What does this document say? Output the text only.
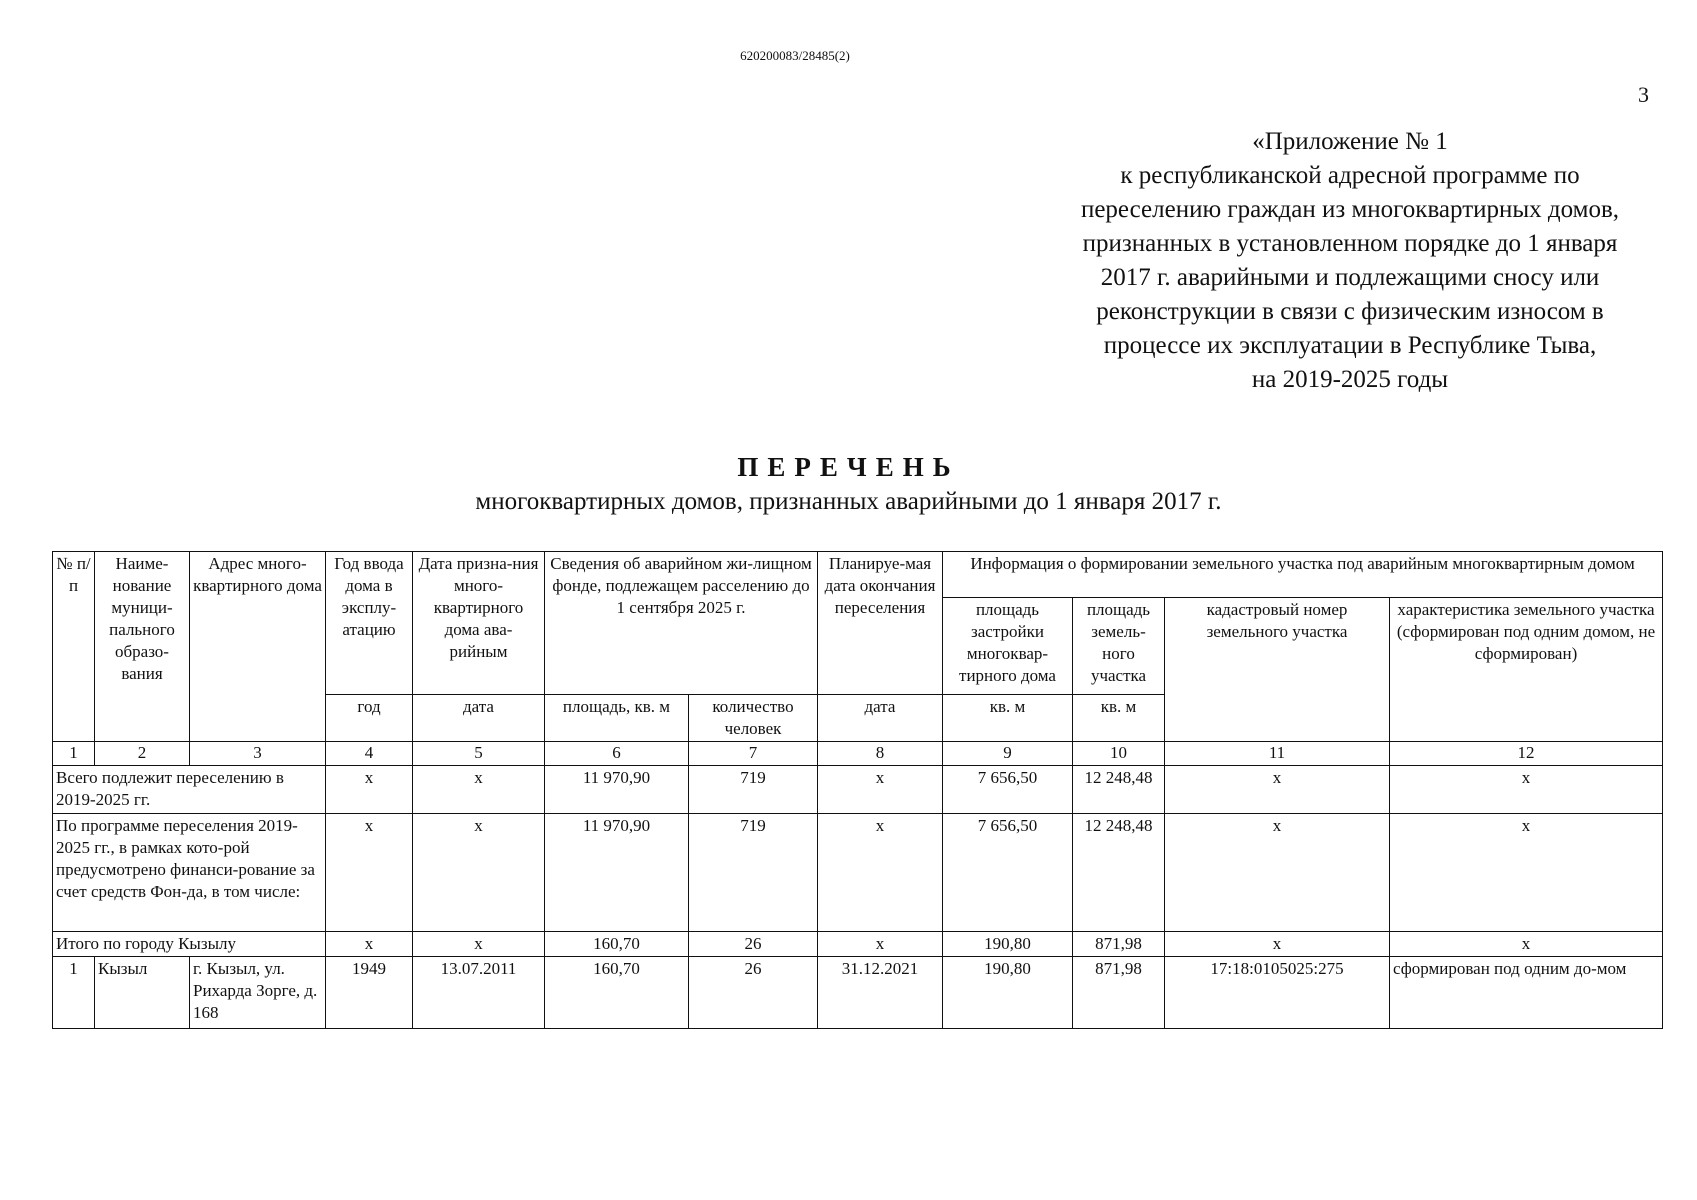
620200083/28485(2)
3
«Приложение № 1
к республиканской адресной программе по
переселению граждан из многоквартирных домов,
признанных в установленном порядке до 1 января
2017 г. аварийными и подлежащими сносу или
реконструкции в связи с физическим износом в
процессе их эксплуатации в Республике Тыва,
на 2019-2025 годы
ПЕРЕЧЕНЬ
многоквартирных домов, признанных аварийными до 1 января 2017 г.
№ п/п	Наиме-нование муници-пального образо-вания	Адрес много-квартирного дома	Год ввода дома в эксплу-атацию	Дата призна-ния много-квартирного дома ава-рийным	Сведения об аварийном жи-лищном фонде, подлежащем расселению до 1 сентября 2025 г.		Планируе-мая дата окончания переселения	Информация о формировании земельного участка под аварийным многоквартирным домом			
								площадь застройки многоквар-тирного дома	площадь земель-ного участка	кадастровый номер земельного участка	характеристика земельного участка (сформирован под одним домом, не сформирован)
			год	дата	площадь, кв. м	количество человек	дата	кв. м	кв. м		
1	2	3	4	5	6	7	8	9	10	11	12
Всего подлежит переселению в 2019-2025 гг.			x	x	11 970,90	719	x	7 656,50	12 248,48	x	x
По программе переселения 2019-2025 гг., в рамках кото-рой предусмотрено финанси-рование за счет средств Фон-да, в том числе:			x	x	11 970,90	719	x	7 656,50	12 248,48	x	x
Итого по городу Кызылу			x	x	160,70	26	x	190,80	871,98	x	x
1	Кызыл	г. Кызыл, ул. Рихарда Зорге, д. 168	1949	13.07.2011	160,70	26	31.12.2021	190,80	871,98	17:18:0105025:275	сформирован под одним до-мом
